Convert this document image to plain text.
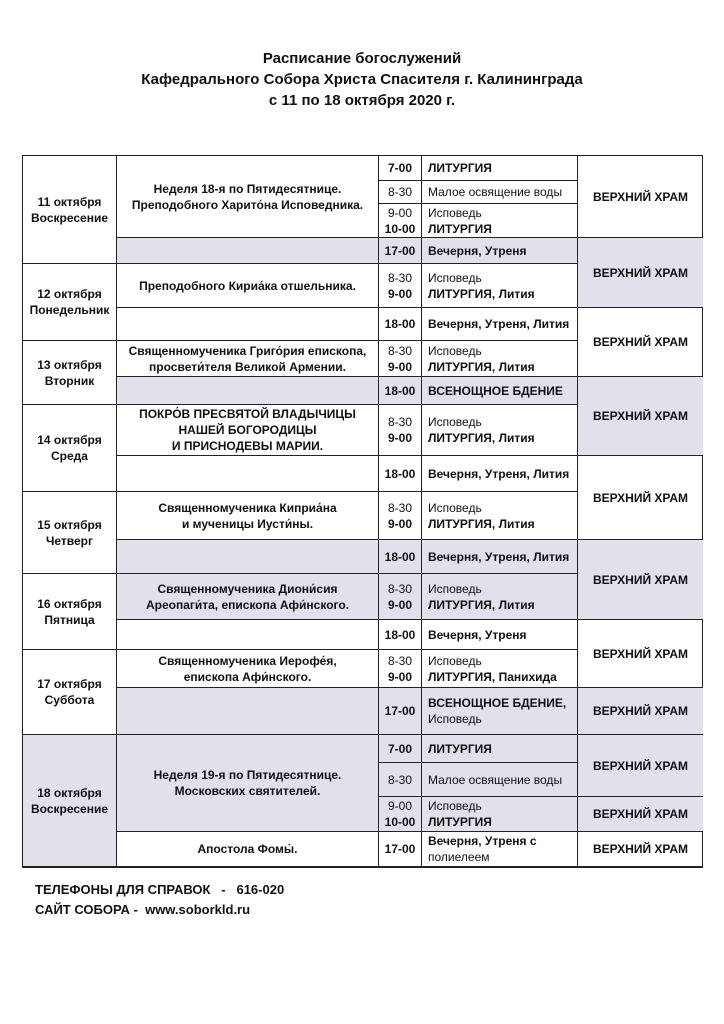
Расписание богослужений
Кафедрального Собора Христа Спасителя г. Калининграда
с 11 по 18 октября 2020 г.
11 октября
Воскресение
12 октября
Понедельник
13 октября
Вторник
14 октября
Среда
15 октября
Четверг
16 октября
Пятница
17 октября
Суббота
18 октября
Воскресение
Неделя 18-я по Пятидесятнице.
Преподобного Харито́на Исповедника.
Преподобного Кириа́ка отшельника.
Священномученика Григо́рия епископа,
просвети́теля Великой Армении.
ПОКРО́В ПРЕСВЯТОЙ ВЛАДЫЧИЦЫ
НАШЕЙ БОГОРОДИЦЫ
И ПРИСНОДЕВЫ МАРИИ.
Священномученика Киприа́на
и мученицы Иусти́ны.
Священномученика Диони́сия
Ареопаги́та, епископа Афи́нского.
Священномученика Иерофе́я,
епископа Афи́нского.
Неделя 19-я по Пятидесятнице.
Московских святителей.
Апостола Фомы́.
7-00 ЛИТУРГИЯ
8-30 Малое освящение воды
9-00
10-00
Исповедь
ЛИТУРГИЯ
17-00 Вечерня, Утреня
8-30
9-00
Исповедь
ЛИТУРГИЯ, Лития
18-00 Вечерня, Утреня, Лития
8-30
9-00
Исповедь
ЛИТУРГИЯ, Лития
18-00 ВСЕНОЩНОЕ БДЕНИЕ
8-30
9-00
Исповедь
ЛИТУРГИЯ, Лития
18-00 Вечерня, Утреня, Лития
8-30
9-00
Исповедь
ЛИТУРГИЯ, Лития
18-00 Вечерня, Утреня, Лития
8-30
9-00
Исповедь
ЛИТУРГИЯ, Лития
18-00 Вечерня, Утреня
8-30
9-00
Исповедь
ЛИТУРГИЯ, Панихида
17-00
ВСЕНОЩНОЕ БДЕНИЕ,
Исповедь
7-00 ЛИТУРГИЯ
8-30 Малое освящение воды
9-00
10-00
Исповедь
ЛИТУРГИЯ
17-00
Вечерня, Утреня с
полиелеем
ВЕРХНИЙ ХРАМ
ВЕРХНИЙ ХРАМ
ВЕРХНИЙ ХРАМ
ВЕРХНИЙ ХРАМ
ВЕРХНИЙ ХРАМ
ВЕРХНИЙ ХРАМ
ВЕРХНИЙ ХРАМ
ВЕРХНИЙ ХРАМ
ВЕРХНИЙ ХРАМ
ВЕРХНИЙ ХРАМ
ВЕРХНИЙ ХРАМ
ТЕЛЕФОНЫ ДЛЯ СПРАВОК - 616-020
САЙТ СОБОРА - www.soborkld.ru
